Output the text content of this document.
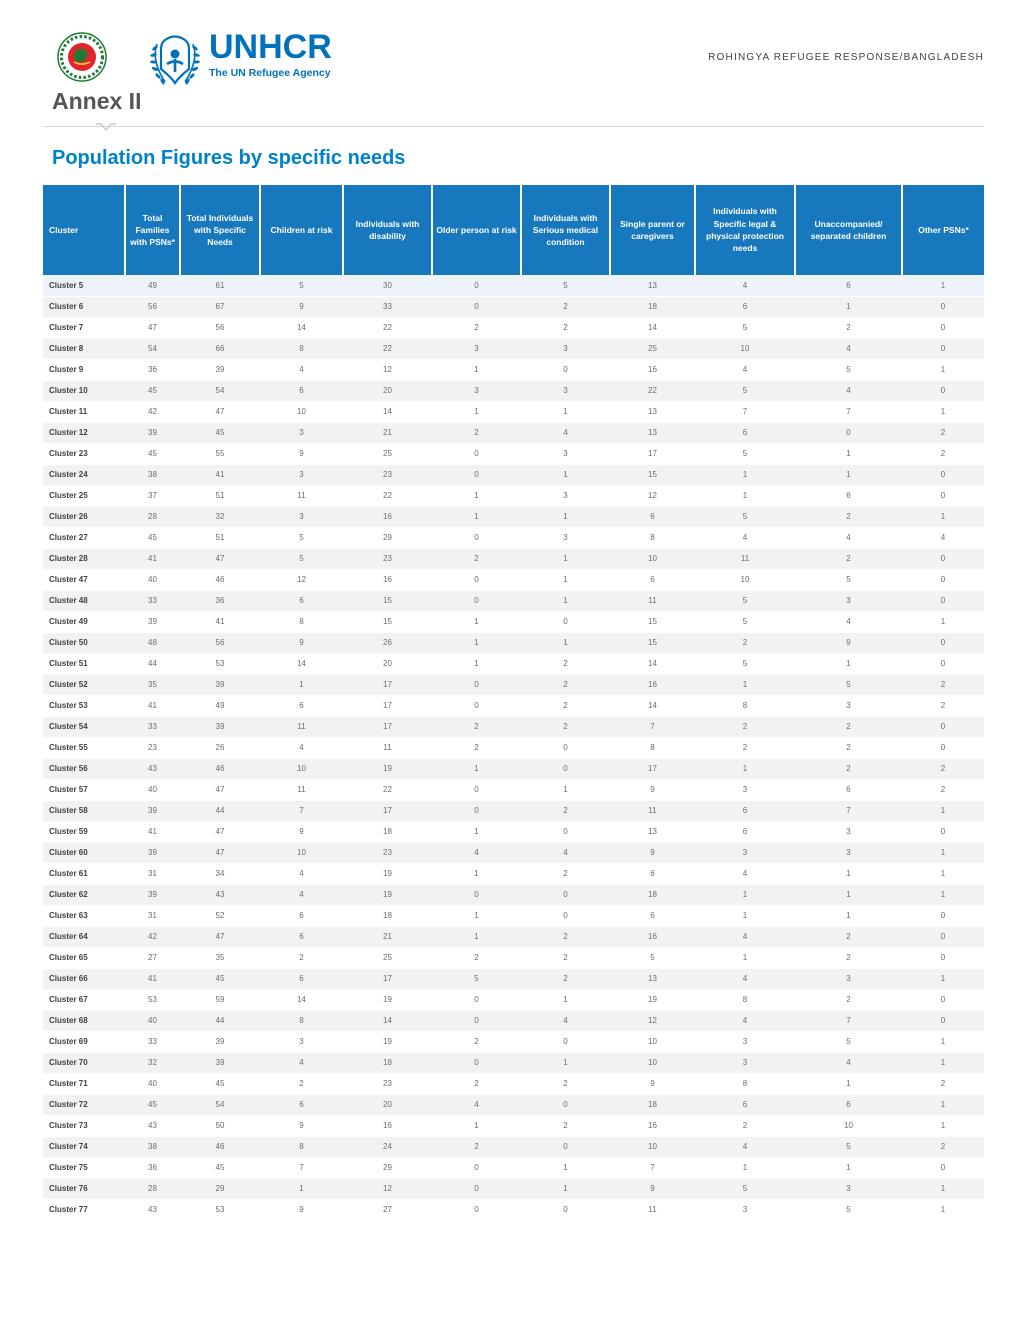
UNHCR
The UN Refugee Agency
ROHINGYA REFUGEE RESPONSE/BANGLADESH
Annex II
Population Figures by specific needs
Cluster	Total Families with PSNs*	Total Individuals with Specific Needs	Children at risk	Individuals with disability	Older person at risk	Individuals with Serious medical condition	Single parent or caregivers	Individuals with Specific legal & physical protection needs	Unaccompanied/ separated children	Other PSNs*
Cluster 5	49	61	5	30	0	5	13	4	6	1
Cluster 6	56	67	9	33	0	2	18	6	1	0
Cluster 7	47	56	14	22	2	2	14	5	2	0
Cluster 8	54	66	8	22	3	3	25	10	4	0
Cluster 9	36	39	4	12	1	0	16	4	5	1
Cluster 10	45	54	6	20	3	3	22	5	4	0
Cluster 11	42	47	10	14	1	1	13	7	7	1
Cluster 12	39	45	3	21	2	4	13	6	0	2
Cluster 23	45	55	9	25	0	3	17	5	1	2
Cluster 24	38	41	3	23	0	1	15	1	1	0
Cluster 25	37	51	11	22	1	3	12	1	6	0
Cluster 26	28	32	3	16	1	1	6	5	2	1
Cluster 27	45	51	5	29	0	3	8	4	4	4
Cluster 28	41	47	5	23	2	1	10	11	2	0
Cluster 47	40	46	12	16	0	1	6	10	5	0
Cluster 48	33	36	6	15	0	1	11	5	3	0
Cluster 49	39	41	8	15	1	0	15	5	4	1
Cluster 50	48	56	9	26	1	1	15	2	9	0
Cluster 51	44	53	14	20	1	2	14	5	1	0
Cluster 52	35	39	1	17	0	2	16	1	5	2
Cluster 53	41	49	6	17	0	2	14	8	3	2
Cluster 54	33	39	11	17	2	2	7	2	2	0
Cluster 55	23	26	4	11	2	0	8	2	2	0
Cluster 56	43	46	10	19	1	0	17	1	2	2
Cluster 57	40	47	11	22	0	1	9	3	6	2
Cluster 58	39	44	7	17	0	2	11	6	7	1
Cluster 59	41	47	9	18	1	0	13	6	3	0
Cluster 60	39	47	10	23	4	4	9	3	3	1
Cluster 61	31	34	4	19	1	2	6	4	1	1
Cluster 62	39	43	4	19	0	0	18	1	1	1
Cluster 63	31	52	6	18	1	0	6	1	1	0
Cluster 64	42	47	6	21	1	2	16	4	2	0
Cluster 65	27	35	2	25	2	2	5	1	2	0
Cluster 66	41	45	6	17	5	2	13	4	3	1
Cluster 67	53	59	14	19	0	1	19	8	2	0
Cluster 68	40	44	8	14	0	4	12	4	7	0
Cluster 69	33	39	3	19	2	0	10	3	5	1
Cluster 70	32	39	4	18	0	1	10	3	4	1
Cluster 71	40	45	2	23	2	2	9	8	1	2
Cluster 72	45	54	6	20	4	0	18	6	6	1
Cluster 73	43	50	9	16	1	2	16	2	10	1
Cluster 74	38	46	8	24	2	0	10	4	5	2
Cluster 75	36	45	7	29	0	1	7	1	1	0
Cluster 76	28	29	1	12	0	1	9	5	3	1
Cluster 77	43	53	9	27	0	0	11	3	5	1
